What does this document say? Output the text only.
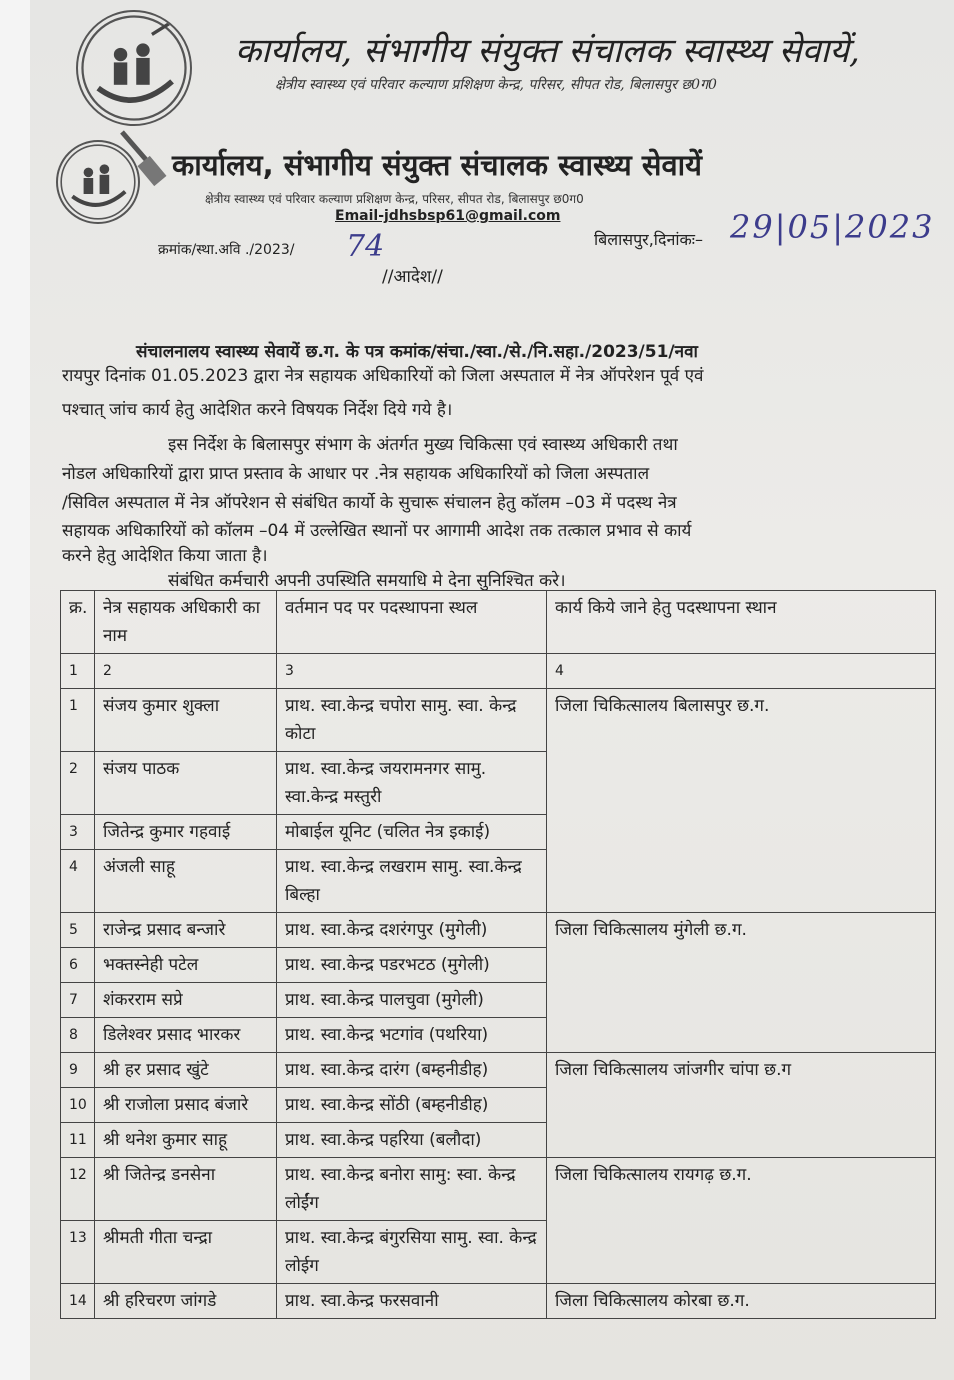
कार्यालय, संभागीय संयुक्त संचालक स्वास्थ्य सेवायें,
क्षेत्रीय स्वास्थ्य एवं परिवार कल्याण प्रशिक्षण केन्द्र, परिसर, सीपत रोड, बिलासपुर छ0ग0
कार्यालय, संभागीय संयुक्त संचालक स्वास्थ्य सेवायें
क्षेत्रीय स्वास्थ्य एवं परिवार कल्याण प्रशिक्षण केन्द्र, परिसर, सीपत रोड, बिलासपुर छ0ग0
Email-jdhsbsp61@gmail.com
क्रमांक/स्था.अवि ./2023/ 74	बिलासपुर,दिनांकः– 29|05|2023
//आदेश//
संचालनालय स्वास्थ्य सेवायें छ.ग. के पत्र कमांक/संचा./स्वा./से./नि.सहा./2023/51/नवा
रायपुर दिनांक 01.05.2023 द्वारा नेत्र सहायक अधिकारियों को जिला अस्पताल में नेत्र ऑपरेशन पूर्व एवं
पश्चात् जांच कार्य हेतु आदेशित करने विषयक निर्देश दिये गये है।
इस निर्देश के बिलासपुर संभाग के अंतर्गत मुख्य चिकित्सा एवं स्वास्थ्य अधिकारी तथा
नोडल अधिकारियों द्वारा प्राप्त प्रस्ताव के आधार पर .नेत्र सहायक अधिकारियों को जिला अस्पताल
/सिविल अस्पताल में नेत्र ऑपरेशन से संबंधित कार्यो के सुचारू संचालन हेतु कॉलम –03 में पदस्थ नेत्र
सहायक अधिकारियों को कॉलम –04 में उल्लेखित स्थानों पर आगामी आदेश तक तत्काल प्रभाव से कार्य
करने हेतु आदेशित किया जाता है।
संबंधित कर्मचारी अपनी उपस्थिति समयाधि मे देना सुनिश्चित करे।
क्र.	नेत्र सहायक अधिकारी का नाम	वर्तमान पद पर पदस्थापना स्थल	कार्य किये जाने हेतु पदस्थापना स्थान
1	2	3	4
1	संजय कुमार शुक्ला	प्राथ. स्वा.केन्द्र चपोरा सामु. स्वा. केन्द्र कोटा	जिला चिकित्सालय बिलासपुर छ.ग.
2	संजय पाठक	प्राथ. स्वा.केन्द्र जयरामनगर सामु. स्वा.केन्द्र मस्तुरी	
3	जितेन्द्र कुमार गहवाई	मोबाईल यूनिट (चलित नेत्र इकाई)	
4	अंजली साहू	प्राथ. स्वा.केन्द्र लखराम सामु. स्वा.केन्द्र बिल्हा	
5	राजेन्द्र प्रसाद बन्जारे	प्राथ. स्वा.केन्द्र दशरंगपुर (मुगेली)	जिला चिकित्सालय मुंगेली छ.ग.
6	भक्तस्नेही पटेल	प्राथ. स्वा.केन्द्र पडरभटठ (मुगेली)	
7	शंकरराम सप्रे	प्राथ. स्वा.केन्द्र पालचुवा (मुगेली)	
8	डिलेश्वर प्रसाद भारकर	प्राथ. स्वा.केन्द्र भटगांव (पथरिया)	
9	श्री हर प्रसाद खुंटे	प्राथ. स्वा.केन्द्र दारंग (बम्हनीडीह)	जिला चिकित्सालय जांजगीर चांपा छ.ग
10	श्री राजोला प्रसाद बंजारे	प्राथ. स्वा.केन्द्र सोंठी (बम्हनीडीह)	
11	श्री थनेश कुमार साहू	प्राथ. स्वा.केन्द्र पहरिया (बलौदा)	
12	श्री जितेन्द्र डनसेना	प्राथ. स्वा.केन्द्र बनोरा सामु: स्वा. केन्द्र लोईंग	जिला चिकित्सालय रायगढ़ छ.ग.
13	श्रीमती गीता चन्द्रा	प्राथ. स्वा.केन्द्र बंगुरसिया सामु. स्वा. केन्द्र लोईग	
14	श्री हरिचरण जांगडे	प्राथ. स्वा.केन्द्र फरसवानी	जिला चिकित्सालय कोरबा छ.ग.
